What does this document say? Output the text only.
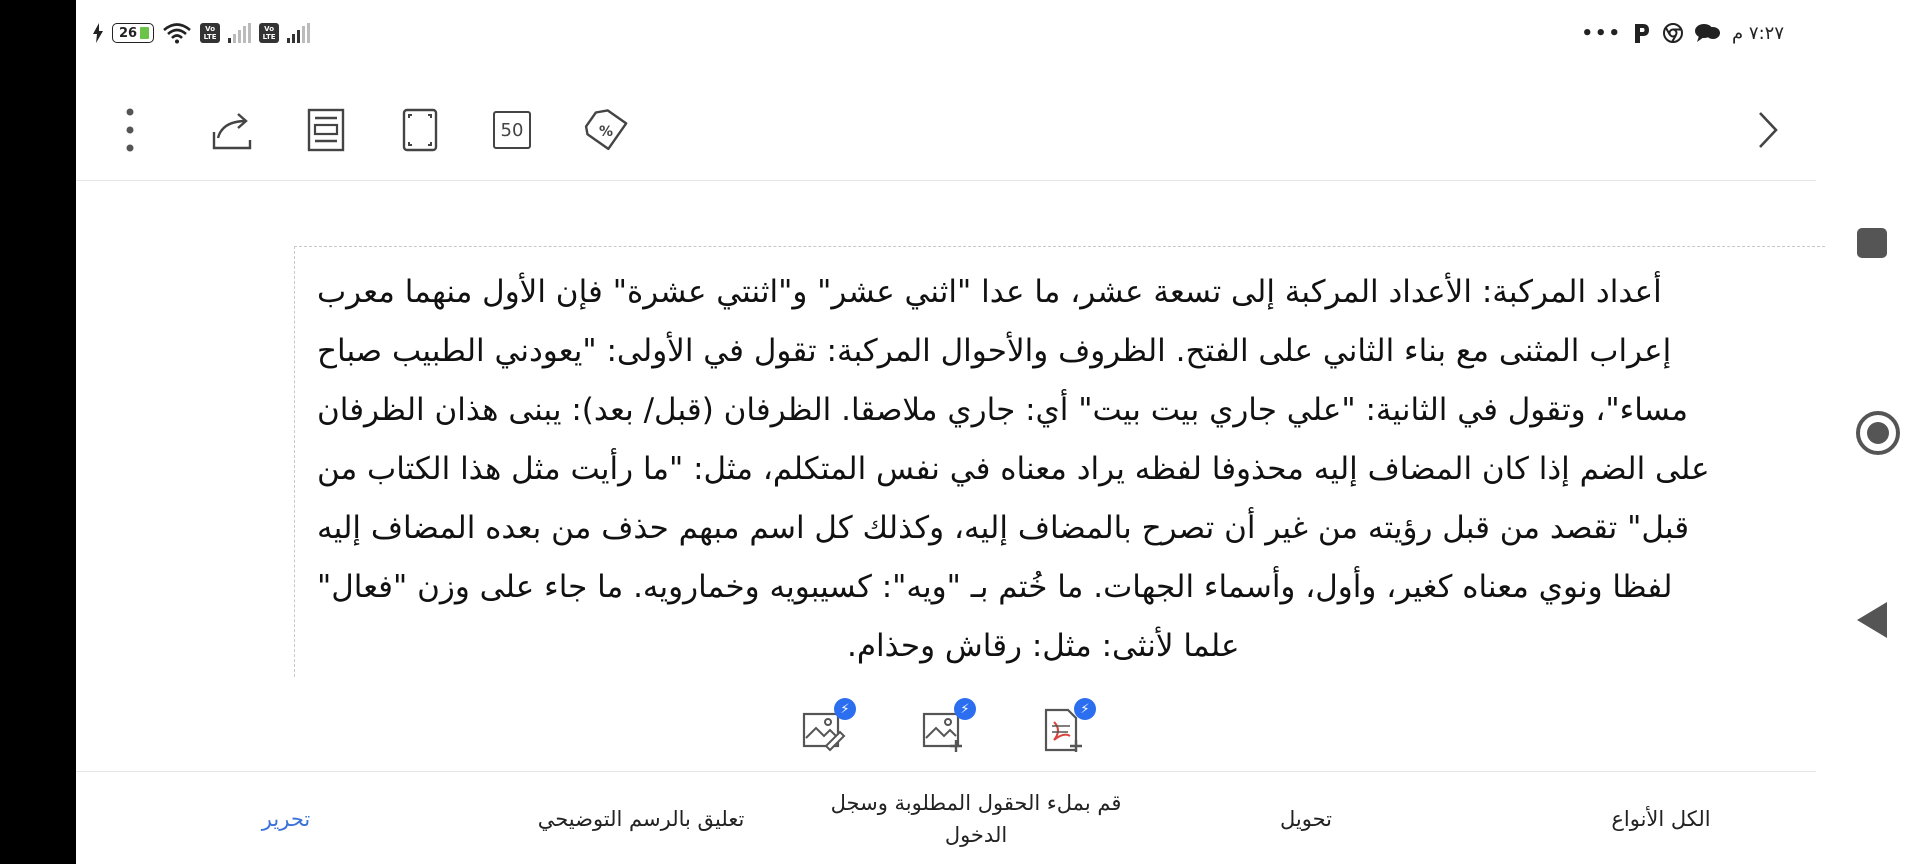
26	Vo
LTE
Vo
LTE	•••	٧:٢٧ م
50	%
أعداد المركبة: الأعداد المركبة إلى تسعة عشر، ما عدا "اثني عشر" و"اثنتي عشرة" فإن الأول منهما معرب
إعراب المثنى مع بناء الثاني على الفتح. الظروف والأحوال المركبة: تقول في الأولى: "يعودني الطبيب صباح
مساء"، وتقول في الثانية: "علي جاري بيت بيت" أي: جاري ملاصقا. الظرفان (قبل/ بعد): يبنى هذان الظرفان
على الضم إذا كان المضاف إليه محذوفا لفظه يراد معناه في نفس المتكلم، مثل: "ما رأيت مثل هذا الكتاب من
قبل" تقصد من قبل رؤيته من غير أن تصرح بالمضاف إليه، وكذلك كل اسم مبهم حذف من بعده المضاف إليه
لفظا ونوي معناه كغير، وأول، وأسماء الجهات. ما خُتم بـ "ويه": كسيبويه وخمارويه. ما جاء على وزن "فعال"
علما لأنثى: مثل: رقاش وحذام.
⚡	⚡	⚡
تحرير	تعليق بالرسم التوضيحي
قم بملء الحقول المطلوبة وسجل
الدخول
تحويل	الكل الأنواع
